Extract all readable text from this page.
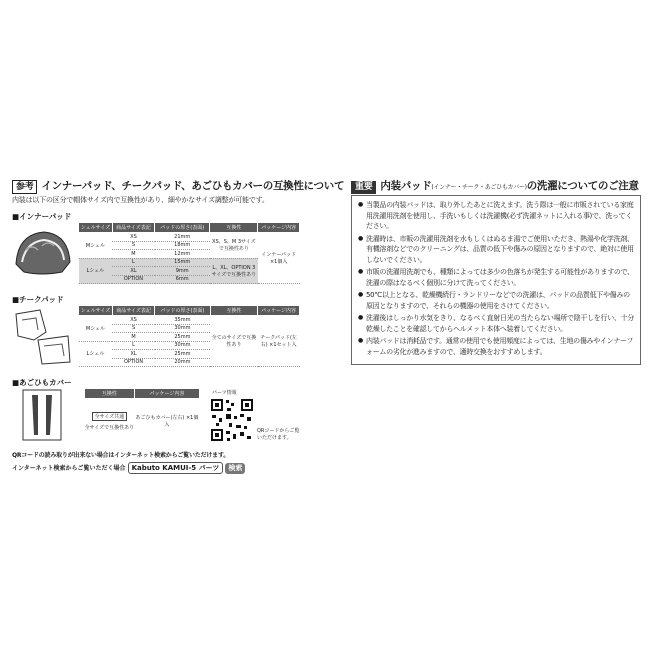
参考 インナーパッド、チークパッド、あごひもカバーの互換性について
内装は以下の区分で帽体サイズ内で互換性があり、細やかなサイズ調整が可能です。
■インナーパッド
シェルサイズ	商品サイズ表記	パッドの厚さ(表面)	互換性	パッケージ内容
Mシェル	XS	21mm	XS、S、M 3サイズで互換性あり	インナーパッド ×1個入
	S	18mm		
	M	12mm		
Lシェル	L	15mm	L、XL、OPTION 3サイズで互換性あり	
	XL	9mm		
	OPTION	6mm		
■チークパッド
シェルサイズ	商品サイズ表記	パッドの厚さ(表面)	互換性	パッケージ内容
Mシェル	XS	35mm	全てのサイズで互換性あり	チークパッド(左右) ×1セット入
	S	30mm		
	M	25mm		
Lシェル	L	30mm		
	XL	25mm		
	OPTION	20mm		
■あごひもカバー
互換性	パッケージ内容
全サイズ共通
全サイズで互換性あり	あごひもカバー(左右) ×1個入
パーツ情報
QRコードからご覧いただけます。
QRコードの読み取りが出来ない場合はインターネット検索からご覧いただけます。
インターネット検索からご覧いただく場合 Kabuto KAMUI-5 パーツ 検索
重要 内装パッド(インナー・チーク・あごひもカバー)の洗濯についてのご注意
● 当製品の内装パッドは、取り外したあとに洗えます。洗う際は一般に市販されている家庭用洗濯用洗剤を使用し、手洗いもしくは洗濯機(必ず洗濯ネットに入れる事)で、洗ってください。
● 洗濯時は、市販の洗濯用洗剤を水もしくはぬるま湯でご使用いただき、熱湯や化学洗剤、有機溶剤などでのクリーニングは、品質の低下や傷みの原因となりますので、絶対に使用しないでください。
● 市販の洗濯用洗剤でも、種類によっては多少の色落ちが発生する可能性がありますので、洗濯の際はなるべく個別に分けて洗ってください。
● 50℃以上となる、乾燥機続行・ランドリーなどでの洗濯は、パッドの品質低下や傷みの原因となりますので、それらの機器の使用をさけてください。
● 洗濯後はしっかり水気をきり、なるべく直射日光の当たらない場所で陰干しを行い、十分乾燥したことを確認してからヘルメット本体へ装着してください。
● 内装パッドは消耗品です。通常の使用でも使用頻度によっては、生地の傷みやインナーフォームの劣化が進みますので、適時交換をおすすめします。
